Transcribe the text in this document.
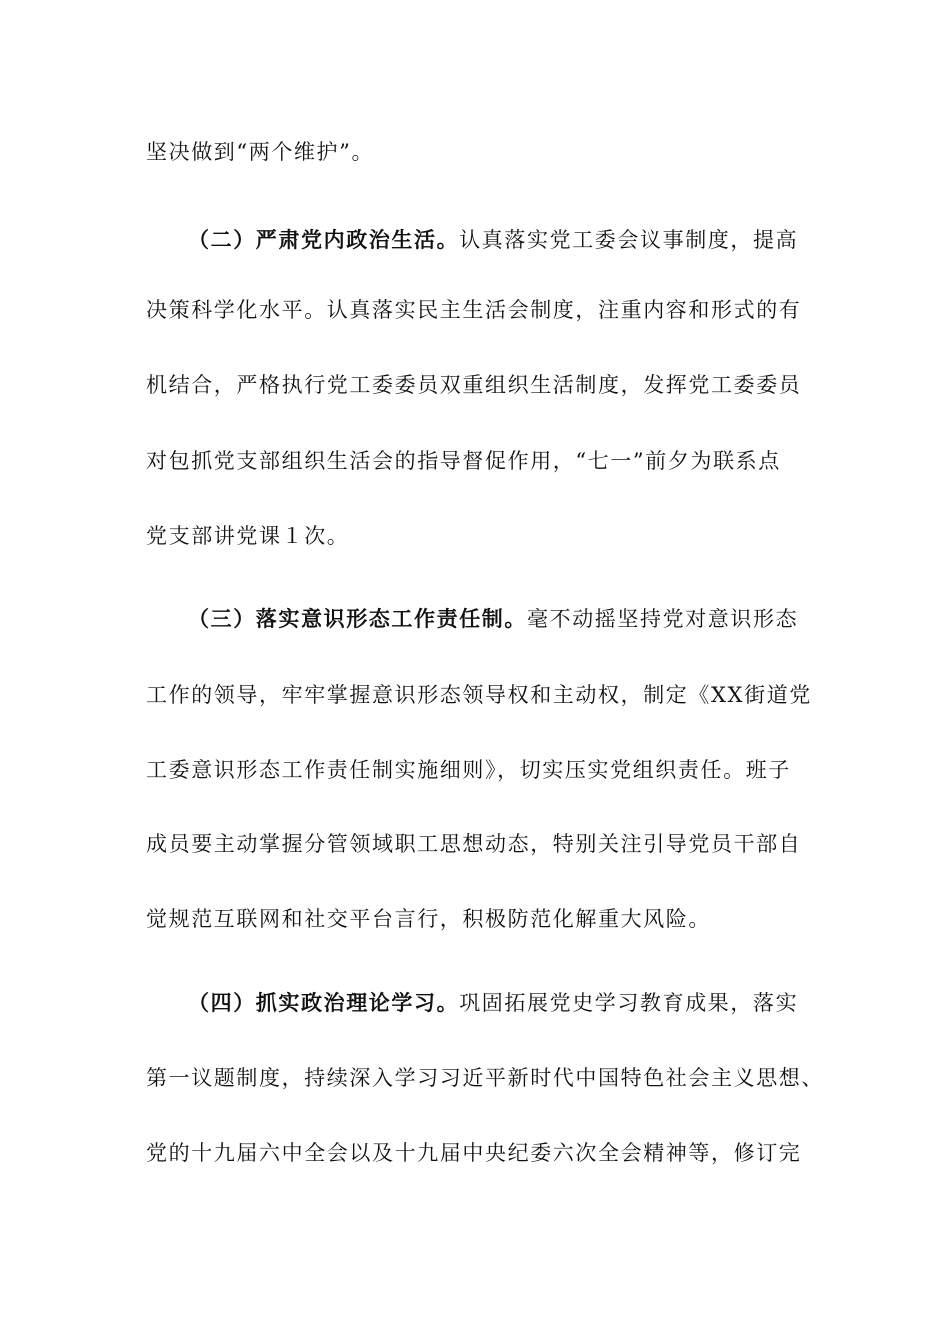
坚决做到“两个维护”。
（二）严肃党内政治生活。认真落实党工委会议事制度，提高
决策科学化水平。认真落实民主生活会制度，注重内容和形式的有
机结合，严格执行党工委委员双重组织生活制度，发挥党工委委员
对包抓党支部组织生活会的指导督促作用，“七一”前夕为联系点
党支部讲党课１次。
（三）落实意识形态工作责任制。毫不动摇坚持党对意识形态
工作的领导，牢牢掌握意识形态领导权和主动权，制定《XX街道党
工委意识形态工作责任制实施细则》，切实压实党组织责任。班子
成员要主动掌握分管领域职工思想动态，特别关注引导党员干部自
觉规范互联网和社交平台言行，积极防范化解重大风险。
（四）抓实政治理论学习。巩固拓展党史学习教育成果，落实
第一议题制度，持续深入学习习近平新时代中国特色社会主义思想、
党的十九届六中全会以及十九届中央纪委六次全会精神等，修订完
